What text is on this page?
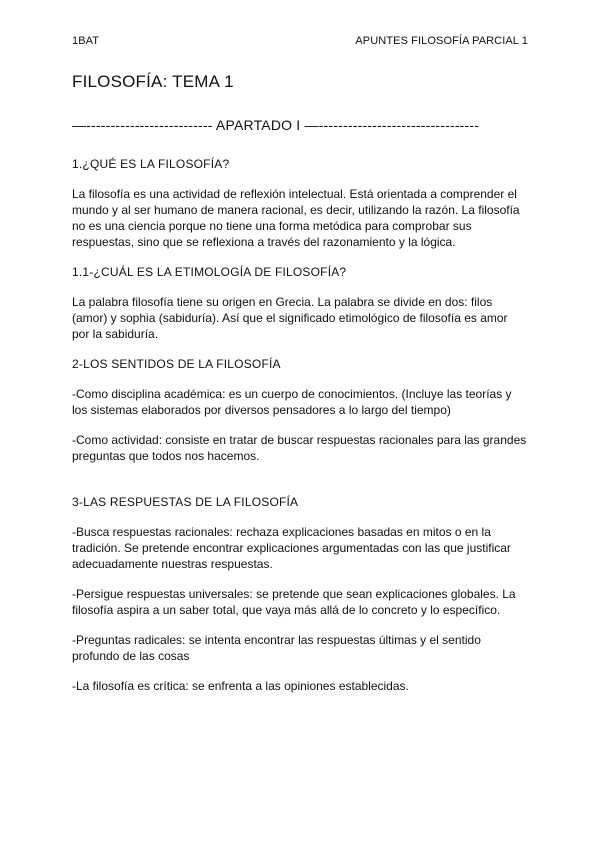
1BAT	APUNTES FILOSOFÍA PARCIAL 1
FILOSOFÍA: TEMA 1
—-------------------------- APARTADO I —---------------------------------
1.¿QUÉ ES LA FILOSOFÍA?

La filosofía es una actividad de reflexión intelectual. Está orientada a comprender el mundo y al ser humano de manera racional, es decir, utilizando la razón. La filosofía no es una ciencia porque no tiene una forma metódica para comprobar sus respuestas, sino que se reflexiona a través del razonamiento y la lógica.

1.1-¿CUÁL ES LA ETIMOLOGÍA DE FILOSOFÍA?

La palabra filosofía tiene su origen en Grecia. La palabra se divide en dos: filos (amor) y sophia (sabiduría). Así que el significado etimológico de filosofía es amor por la sabiduría.

2-LOS SENTIDOS DE LA FILOSOFÍA

-Como disciplina académica: es un cuerpo de conocimientos. (Incluye las teorías y los sistemas elaborados por diversos pensadores a lo largo del tiempo)

-Como actividad: consiste en tratar de buscar respuestas racionales para las grandes preguntas que todos nos hacemos.

3-LAS RESPUESTAS DE LA FILOSOFÍA

-Busca respuestas racionales: rechaza explicaciones basadas en mitos o en la tradición. Se pretende encontrar explicaciones argumentadas con las que justificar adecuadamente nuestras respuestas.

-Persigue respuestas universales: se pretende que sean explicaciones globales. La filosofía aspira a un saber total, que vaya más allá de lo concreto y lo específico.

-Preguntas radicales: se intenta encontrar las respuestas últimas y el sentido profundo de las cosas

-La filosofía es crítica: se enfrenta a las opiniones establecidas.
